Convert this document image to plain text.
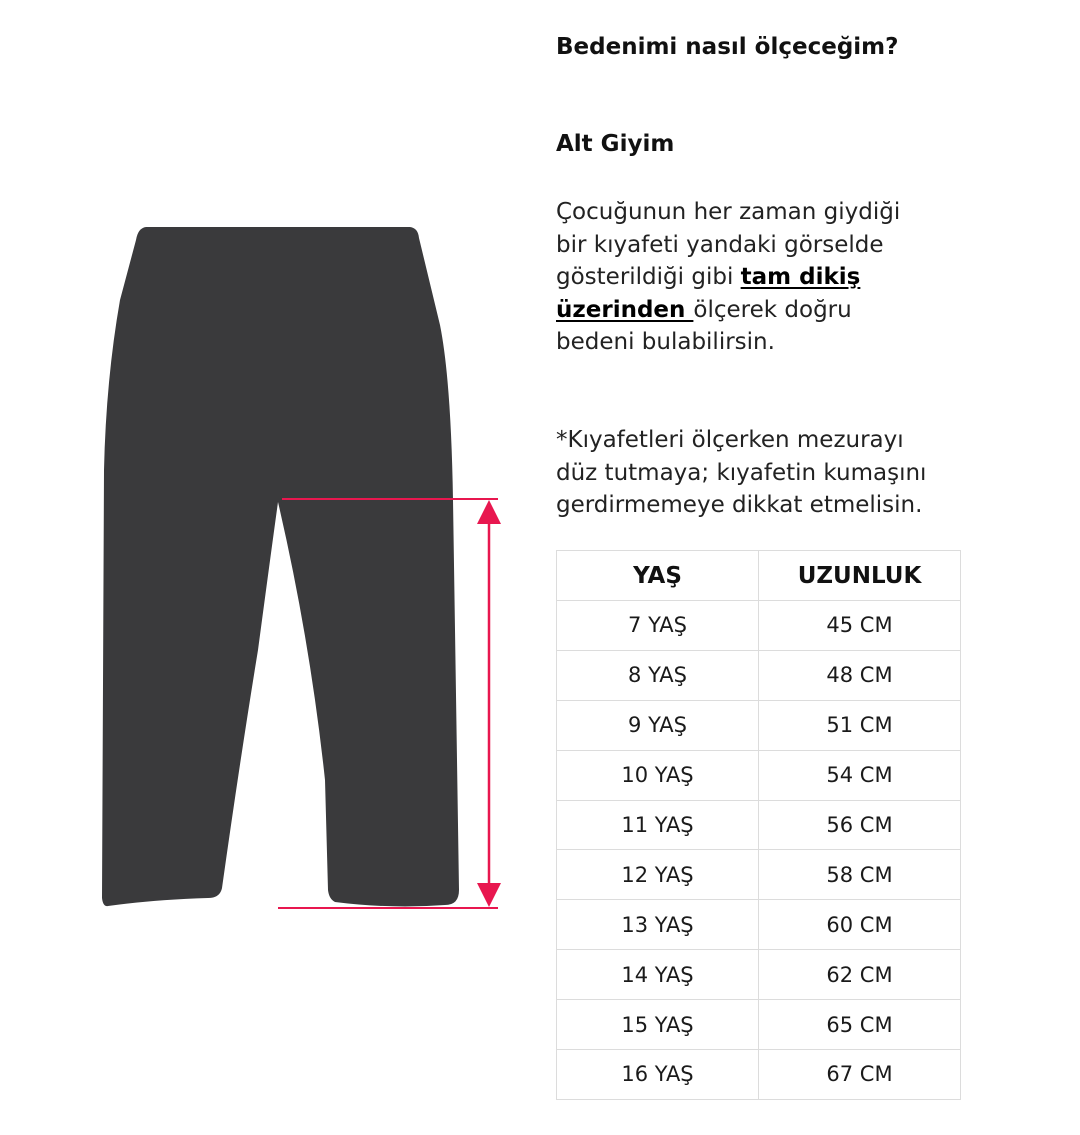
Bedenimi nasıl ölçeceğim?
Alt Giyim

Çocuğunun her zaman giydiği
bir kıyafeti yandaki görselde
gösterildiği gibi tam dikiş
üzerinden ölçerek doğru
bedeni bulabilirsin.

*Kıyafetleri ölçerken mezurayı
düz tutmaya; kıyafetin kumaşını
gerdirmemeye dikkat etmelisin.

YAŞ	UZUNLUK
7 YAŞ	45 CM
8 YAŞ	48 CM
9 YAŞ	51 CM
10 YAŞ	54 CM
11 YAŞ	56 CM
12 YAŞ	58 CM
13 YAŞ	60 CM
14 YAŞ	62 CM
15 YAŞ	65 CM
16 YAŞ	67 CM
